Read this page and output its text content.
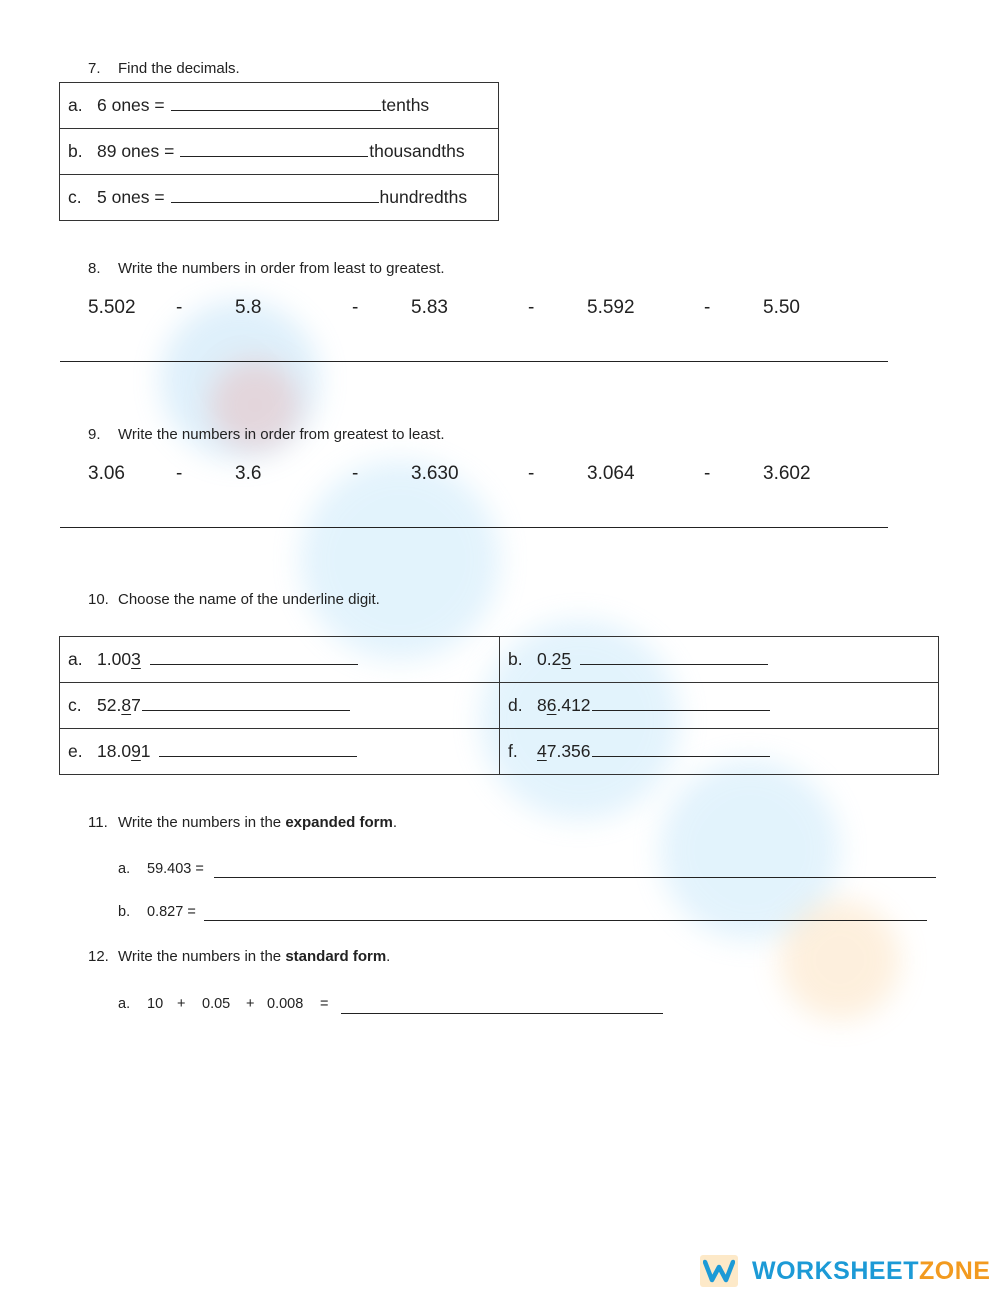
7. Find the decimals.
a. 6 ones =	tenths
b. 89 ones =	thousandths
c. 5 ones =	hundredths
8. Write the numbers in order from least to greatest.
5.502 -	5.8	-	5.83	-	5.592	-	5.50
9. Write the numbers in order from greatest to least.
3.06	-	3.6	-	3.630	-	3.064	-	3.602
10. Choose the name of the underline digit.
a. 1.003	b. 0.25
c. 52.87	d. 86.412
e. 18.091	f. 47.356
11. Write the numbers in the expanded form.
a. 59.403 =
b. 0.827 =
12. Write the numbers in the standard form.
a. 10 + 0.05 + 0.008 =
WORKSHEETZONE
